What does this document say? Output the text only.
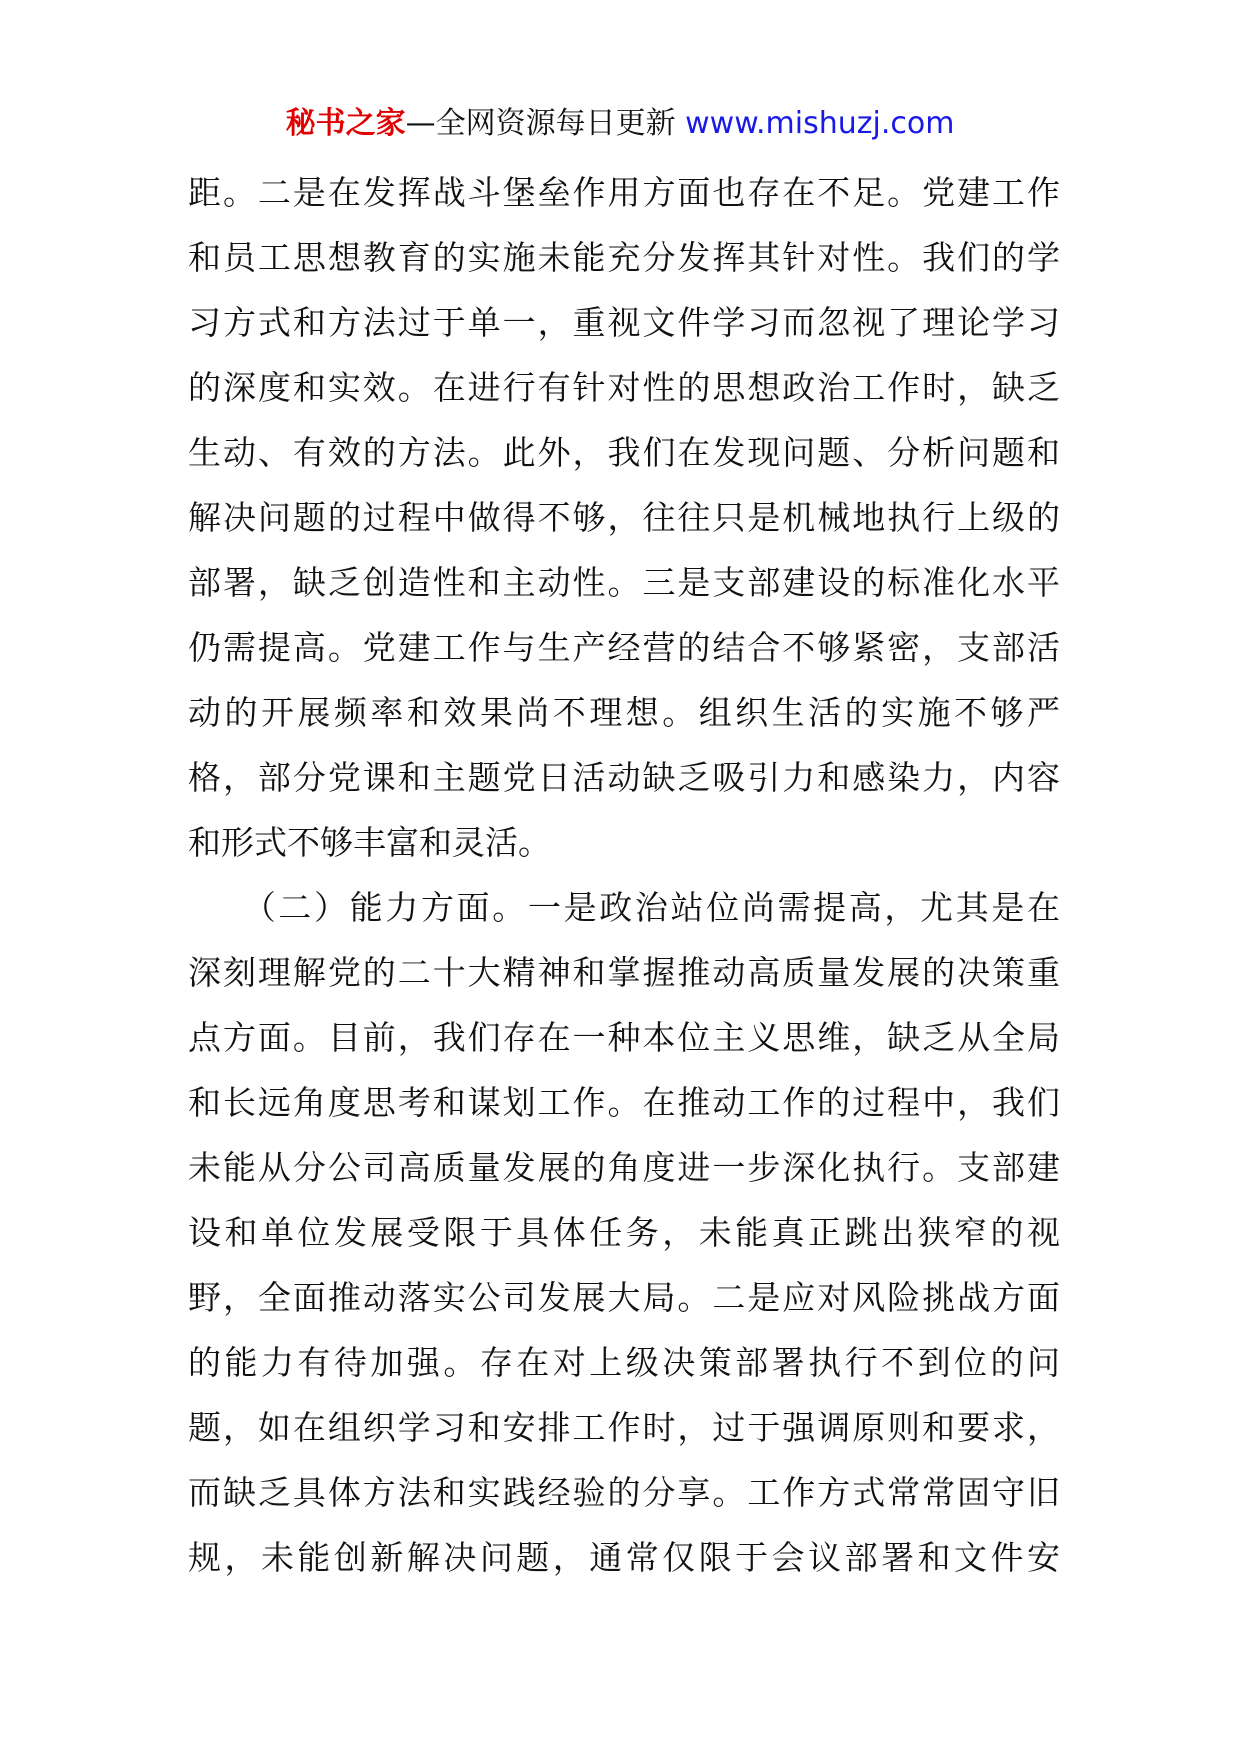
秘书之家—全网资源每日更新 www.mishuzj.com
距。二是在发挥战斗堡垒作用方面也存在不足。党建工作
和员工思想教育的实施未能充分发挥其针对性。我们的学
习方式和方法过于单一，重视文件学习而忽视了理论学习
的深度和实效。在进行有针对性的思想政治工作时，缺乏
生动、有效的方法。此外，我们在发现问题、分析问题和
解决问题的过程中做得不够，往往只是机械地执行上级的
部署，缺乏创造性和主动性。三是支部建设的标准化水平
仍需提高。党建工作与生产经营的结合不够紧密，支部活
动的开展频率和效果尚不理想。组织生活的实施不够严
格，部分党课和主题党日活动缺乏吸引力和感染力，内容
和形式不够丰富和灵活。
　　（二）能力方面。一是政治站位尚需提高，尤其是在
深刻理解党的二十大精神和掌握推动高质量发展的决策重
点方面。目前，我们存在一种本位主义思维，缺乏从全局
和长远角度思考和谋划工作。在推动工作的过程中，我们
未能从分公司高质量发展的角度进一步深化执行。支部建
设和单位发展受限于具体任务，未能真正跳出狭窄的视
野，全面推动落实公司发展大局。二是应对风险挑战方面
的能力有待加强。存在对上级决策部署执行不到位的问
题，如在组织学习和安排工作时，过于强调原则和要求，
而缺乏具体方法和实践经验的分享。工作方式常常固守旧
规，未能创新解决问题，通常仅限于会议部署和文件安
